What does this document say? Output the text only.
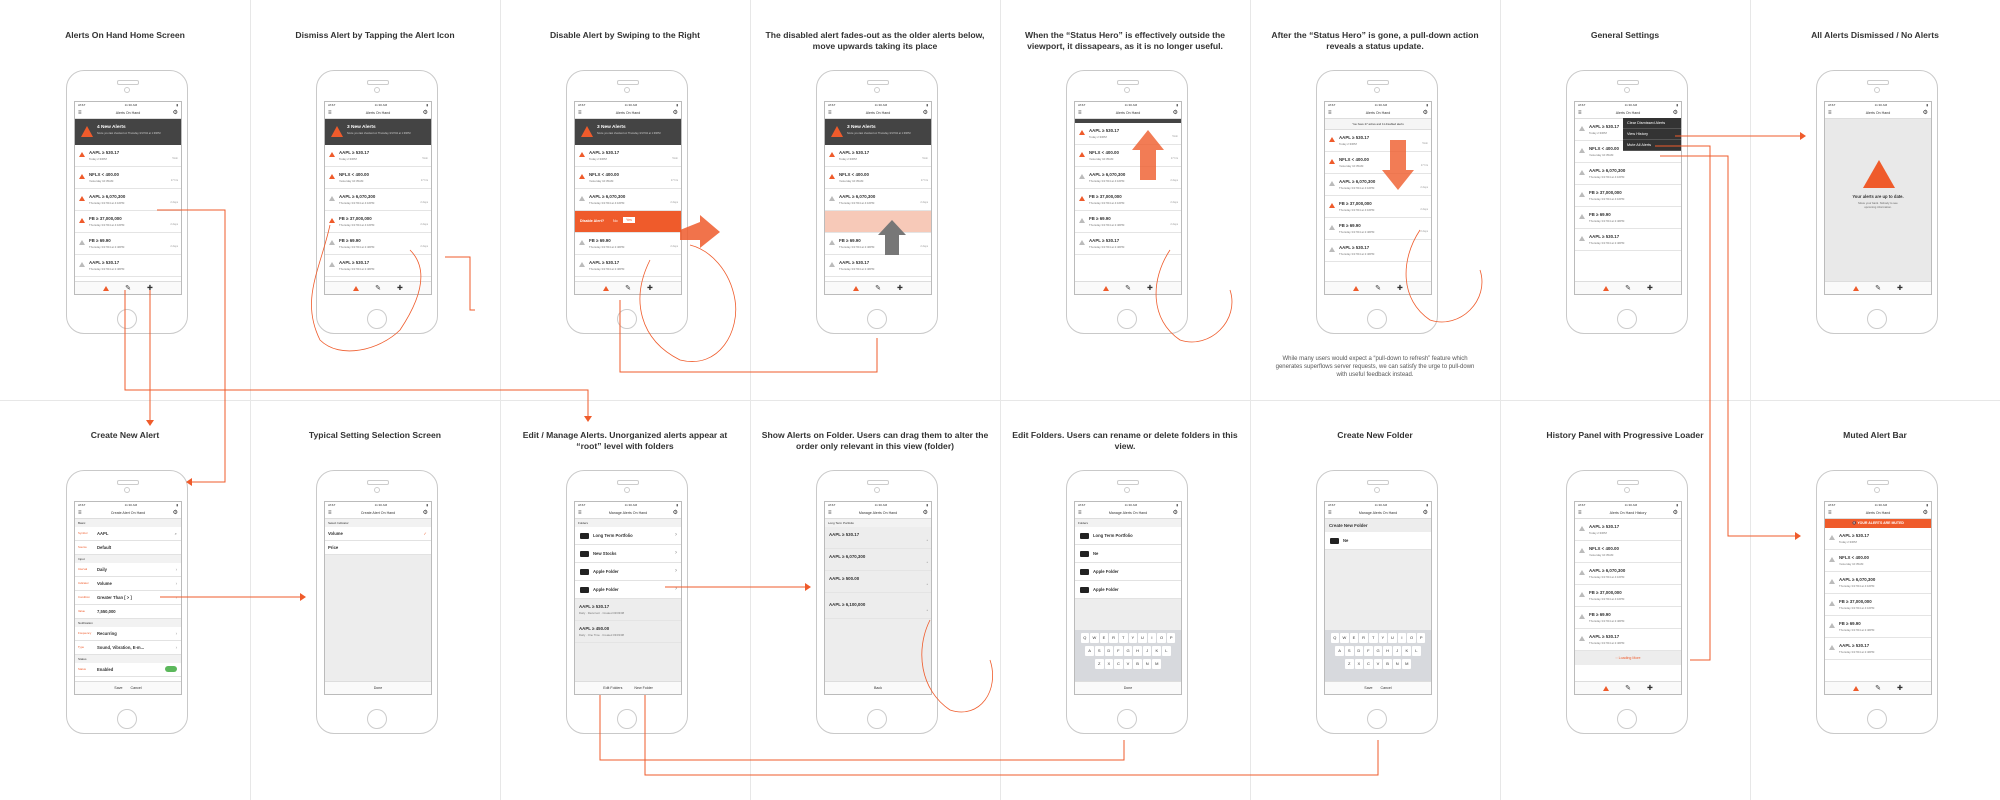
Alerts On Hand Home Screen
AT&T	11:30 AM	▮
≡	Alerts On Hand	⚙
4 New Alerts
Since you last checked on Thursday 3/17/04 at 1:36PM
AAPL ≥ 530.17
Today 2:33PM	5min
NFLX < 400.00
Yesterday 10:35AM	17 hrs
AAPL ≥ 6,070,300
Thursday 3/17/04 at 4:16PM	2 days
FB ≥ 37,000,000
Thursday 3/17/04 at 4:16PM	2 days
FB ≥ 69.90
Thursday 3/17/04 at 2:46PM	2 days
AAPL ≥ 530.17
Thursday 3/17/04 at 2:46PM
✎ ✚
Dismiss Alert by Tapping the Alert Icon
AT&T	11:30 AM	▮
≡	Alerts On Hand	⚙
3 New Alerts
Since you last checked on Thursday 3/17/04 at 1:36PM
AAPL ≥ 530.17
Today 2:33PM	5min
NFLX < 400.00
Yesterday 10:35AM	17 hrs
AAPL ≥ 6,070,300
Thursday 3/17/04 at 4:16PM	2 days
FB ≥ 37,000,000
Thursday 3/17/04 at 4:16PM	2 days
FB ≥ 69.90
Thursday 3/17/04 at 2:46PM	2 days
AAPL ≥ 530.17
Thursday 3/17/04 at 2:46PM
✎ ✚
Disable Alert by Swiping to the Right
AT&T	11:30 AM	▮
≡	Alerts On Hand	⚙
3 New Alerts
Since you last checked on Thursday 3/17/04 at 1:36PM
AAPL ≥ 530.17
Today 2:33PM	5min
NFLX < 400.00
Yesterday 10:35AM	17 hrs
AAPL ≥ 6,070,300
Thursday 3/17/04 at 4:16PM	2 days
Disable Alert? No	Yes
FB ≥ 69.90
Thursday 3/17/04 at 2:46PM	2 days
AAPL ≥ 530.17
Thursday 3/17/04 at 2:46PM
✎ ✚
The disabled alert fades-out as the older alerts below, move upwards taking its place
AT&T	11:30 AM	▮
≡	Alerts On Hand	⚙
3 New Alerts
Since you last checked on Thursday 3/17/04 at 1:36PM
AAPL ≥ 530.17
Today 2:33PM	5min
NFLX < 400.00
Yesterday 10:35AM	17 hrs
AAPL ≥ 6,070,300
Thursday 3/17/04 at 4:16PM	2 days
FB ≥ 69.90
Thursday 3/17/04 at 2:46PM	2 days
AAPL ≥ 530.17
Thursday 3/17/04 at 2:46PM
✎ ✚
When the “Status Hero” is effectively outside the viewport, it dissapears, as it is no longer useful.
AT&T	11:30 AM	▮
≡	Alerts On Hand	⚙
AAPL ≥ 530.17
Today 2:33PM	5min
NFLX < 400.00
Yesterday 10:35AM	17 hrs
AAPL ≥ 6,070,300
Thursday 3/17/04 at 4:16PM	2 days
FB ≥ 37,000,000
Thursday 3/17/04 at 4:16PM	2 days
FB ≥ 69.90
Thursday 3/17/04 at 2:46PM	2 days
AAPL ≥ 530.17
Thursday 3/17/04 at 2:46PM
✎ ✚
After the “Status Hero” is gone, a pull-down action reveals a status update.
AT&T	11:30 AM	▮
≡	Alerts On Hand	⚙
You have 27 active and 11 disabled alerts
AAPL ≥ 530.17
Today 2:33PM	5min
NFLX < 400.00
Yesterday 10:35AM	17 hrs
AAPL ≥ 6,070,300
Thursday 3/17/04 at 4:16PM	2 days
FB ≥ 37,000,000
Thursday 3/17/04 at 4:16PM	2 days
FB ≥ 69.90
Thursday 3/17/04 at 2:46PM	2 days
AAPL ≥ 530.17
Thursday 3/17/04 at 2:46PM
✎ ✚
While many users would expect a “pull-down to refresh” feature which generates superflows server requests, we can satisfy the urge to pull-down with useful feedback instead.
General Settings
AT&T	11:30 AM	▮
≡	Alerts On Hand	⚙
AAPL ≥ 530.17
Today 2:33PM
NFLX < 400.00
Yesterday 10:35AM
AAPL ≥ 6,070,300
Thursday 3/17/04 at 4:16PM
FB ≥ 37,000,000
Thursday 3/17/04 at 4:16PM
FB ≥ 69.90
Thursday 3/17/04 at 2:46PM
AAPL ≥ 530.17
Thursday 3/17/04 at 2:46PM
Clear Dismissed Alerts
View History
Mute All Alerts
✎ ✚
All Alerts Dismissed / No Alerts
AT&T	11:30 AM	▮
≡	Alerts On Hand	⚙
Your alerts are up to date.
Move your bank. Nobody to see upcoming information.
✎ ✚
Create New Alert
AT&T	11:30 AM	▮
≡	Create Alert On Hand	⚙
Basic
Symbol AAPL	⌕
Source Default
Input
Interval Daily	›
Indicator Volume	›
Condition Greater Than [ > ]	›
Value	7,550,000
Notification
Frequency Recurring	›
Type	Sound, Vibration, E-m...	›
Status
Status	Enabled
Save Cancel
Typical Setting Selection Screen
AT&T	11:30 AM	▮
≡	Create Alert On Hand	⚙
Select Indicator
Volume	✓
Price
Done
Edit / Manage Alerts. Unorganized alerts appear at “root” level with folders
AT&T	11:30 AM	▮
≡	Manage Alerts On Hand	⚙
Folders
Long Term Portfolio	›
New Stocks	›
Apple Folder	›
Apple Folder	›
AAPL ≥ 530.17
Daily · Recurrent · Created 03/03/08
AAPL ≥ 450.00
Daily · One Time · Created 03/03/08
Edit Folders	New Folder
Show Alerts on Folder. Users can drag them to alter the order only relevant in this view (folder)
AT&T	11:30 AM	▮
≡	Manage Alerts On Hand	⚙
Long Term Portfolio
AAPL ≥ 530.17
≡
AAPL ≥ 6,070,300
≡
AAPL ≥ 500.00
≡
AAPL ≥ 6,100,000
≡
Back
Edit Folders. Users can rename or delete folders in this view.
AT&T	11:30 AM	▮
≡	Manage Alerts On Hand	⚙
Folders
Long Term Portfolio
Ne
Apple Folder
Apple Folder
Q	W	E	R	T	Y	U	I	O	P
A	S	D	F	G	H	J	K	L
Z	X	C	V	B	N	M
Done
Create New Folder
AT&T	11:30 AM	▮
≡	Manage Alerts On Hand	⚙
Create New Folder
Ne
Q	W	E	R	T	Y	U	I	O	P
A	S	D	F	G	H	J	K	L
Z	X	C	V	B	N	M
Save Cancel
History Panel with Progressive Loader
AT&T	11:30 AM	▮
≡	Alerts On Hand History	⚙
AAPL ≥ 530.17
Today 2:33PM
NFLX < 400.00
Yesterday 10:35AM
AAPL ≥ 6,070,300
Thursday 3/17/04 at 4:16PM
FB ≥ 37,000,000
Thursday 3/17/04 at 4:16PM
FB ≥ 69.90
Thursday 3/17/04 at 2:46PM
AAPL ≥ 530.17
Thursday 3/17/04 at 2:46PM
◌ Loading More
✎ ✚
Muted Alert Bar
AT&T	11:30 AM	▮
≡	Alerts On Hand	⚙
🔇 YOUR ALERTS ARE MUTED
AAPL ≥ 530.17
Today 2:33PM
NFLX < 400.00
Yesterday 10:35AM
AAPL ≥ 6,070,300
Thursday 3/17/04 at 4:16PM
FB ≥ 37,000,000
Thursday 3/17/04 at 4:16PM
FB ≥ 69.90
Thursday 3/17/04 at 2:46PM
AAPL ≥ 530.17
Thursday 3/17/04 at 2:46PM
✎ ✚
